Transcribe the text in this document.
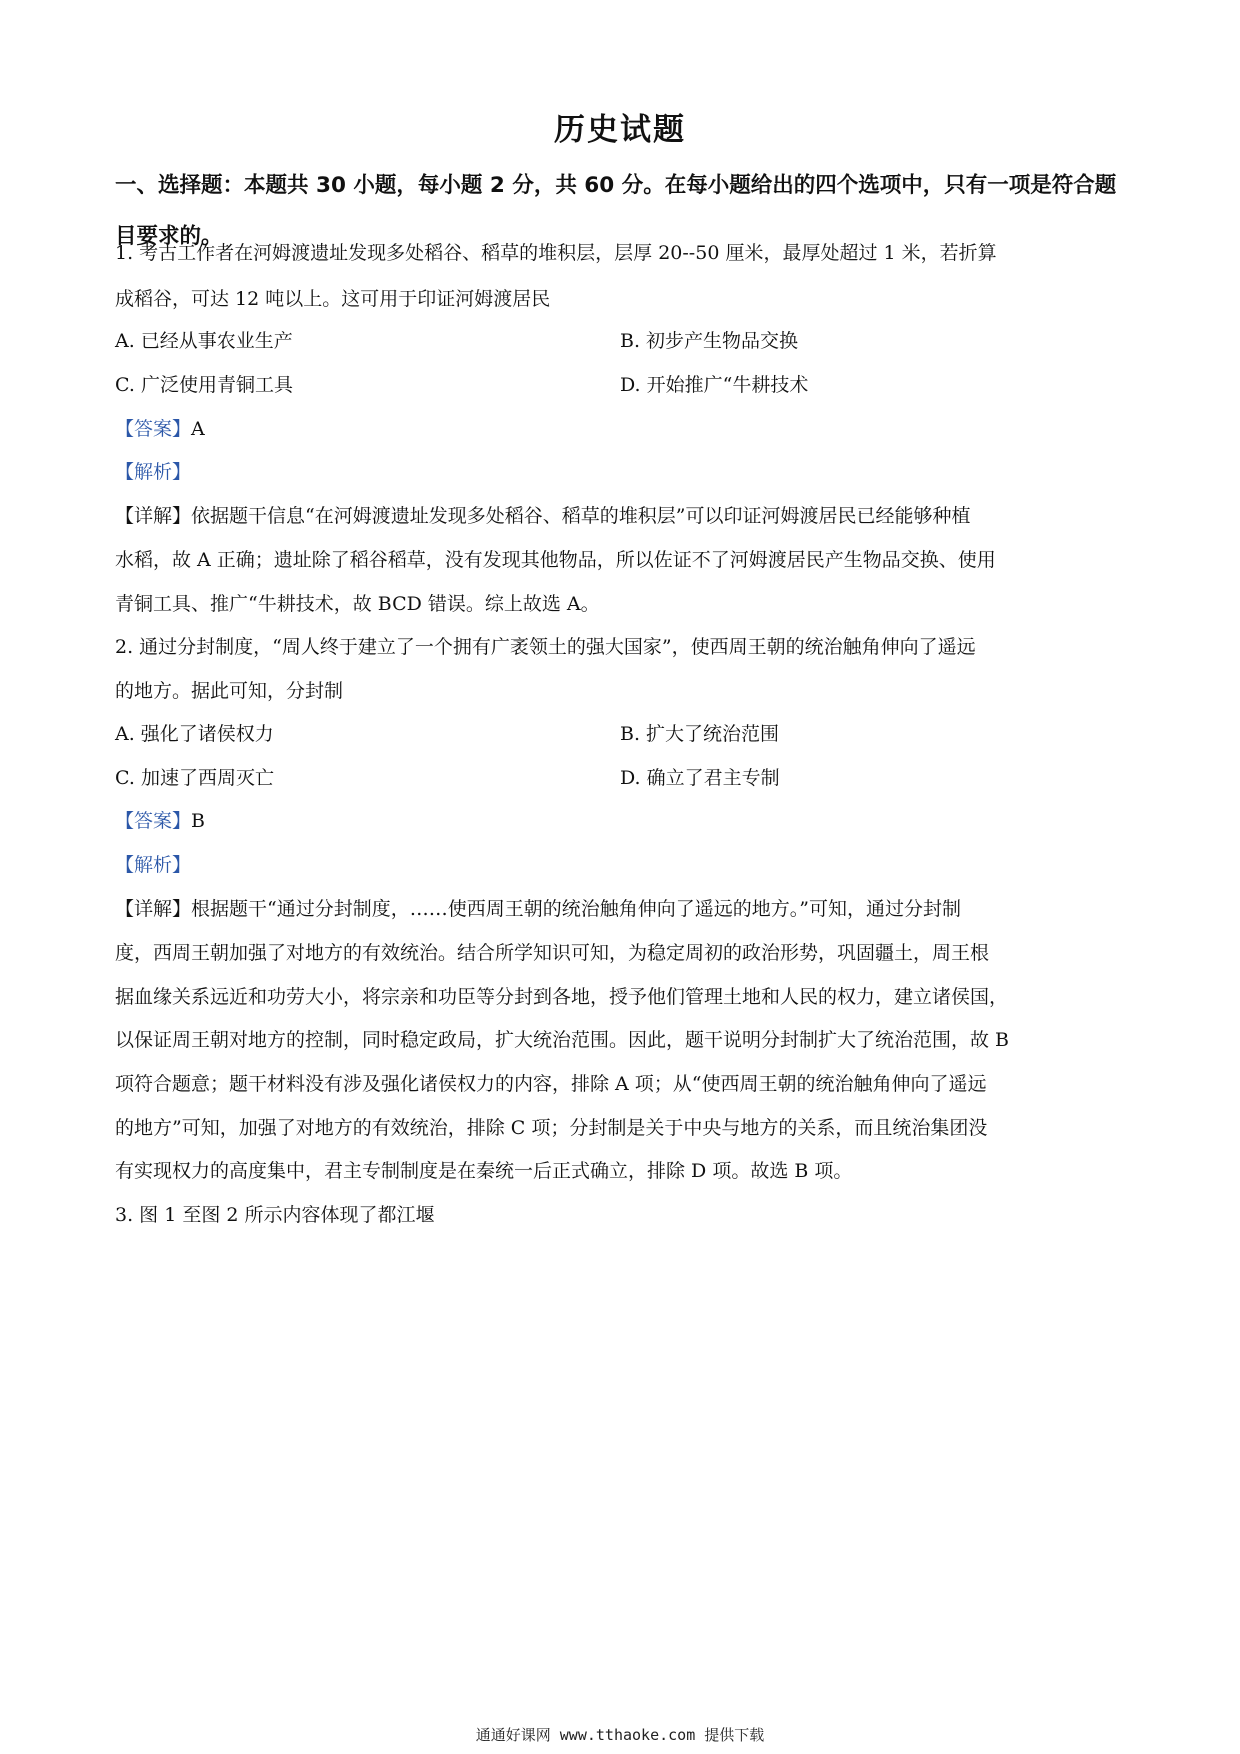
历史试题
一、选择题：本题共 30 小题，每小题 2 分，共 60 分。在每小题给出的四个选项中，只有一项是符合题目要求的。
1. 考古工作者在河姆渡遗址发现多处稻谷、稻草的堆积层，层厚 20--50 厘米，最厚处超过 1 米，若折算
成稻谷，可达 12 吨以上。这可用于印证河姆渡居民
A. 已经从事农业生产	B. 初步产生物品交换
C. 广泛使用青铜工具	D. 开始推广“牛耕技术
【答案】A
【解析】
【详解】依据题干信息“在河姆渡遗址发现多处稻谷、稻草的堆积层”可以印证河姆渡居民已经能够种植
水稻，故 A 正确；遗址除了稻谷稻草，没有发现其他物品，所以佐证不了河姆渡居民产生物品交换、使用
青铜工具、推广“牛耕技术，故 BCD 错误。综上故选 A。
2. 通过分封制度，“周人终于建立了一个拥有广袤领土的强大国家”，使西周王朝的统治触角伸向了遥远
的地方。据此可知，分封制
A. 强化了诸侯权力	B. 扩大了统治范围
C. 加速了西周灭亡	D. 确立了君主专制
【答案】B
【解析】
【详解】根据题干“通过分封制度，……使西周王朝的统治触角伸向了遥远的地方。”可知，通过分封制
度，西周王朝加强了对地方的有效统治。结合所学知识可知，为稳定周初的政治形势，巩固疆土，周王根
据血缘关系远近和功劳大小，将宗亲和功臣等分封到各地，授予他们管理土地和人民的权力，建立诸侯国，
以保证周王朝对地方的控制，同时稳定政局，扩大统治范围。因此，题干说明分封制扩大了统治范围，故 B
项符合题意；题干材料没有涉及强化诸侯权力的内容，排除 A 项；从“使西周王朝的统治触角伸向了遥远
的地方”可知，加强了对地方的有效统治，排除 C 项；分封制是关于中央与地方的关系，而且统治集团没
有实现权力的高度集中，君主专制制度是在秦统一后正式确立，排除 D 项。故选 B 项。
3. 图 1 至图 2 所示内容体现了都江堰
通通好课网 www.tthaoke.com 提供下载
